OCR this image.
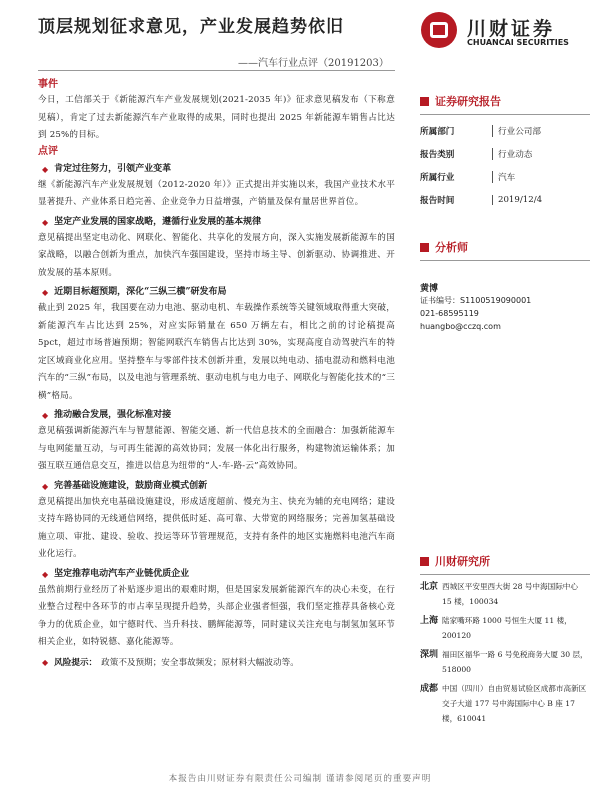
顶层规划征求意见，产业发展趋势依旧
——汽车行业点评（20191203）
川财证券
CHUANCAI SECURITIES
事件
今日，工信部关于《新能源汽车产业发展规划(2021-2035 年)》征求意见稿发布（下称意见稿），肯定了过去新能源汽车产业取得的成果，同时也提出 2025 年新能源车销售占比达到 25%的目标。
点评
◆ 肯定过往努力，引领产业变革
继《新能源汽车产业发展规划（2012-2020 年）》正式提出并实施以来，我国产业技术水平显著提升、产业体系日趋完善、企业竞争力日益增强，产销量及保有量居世界首位。
◆ 坚定产业发展的国家战略，遵循行业发展的基本规律
意见稿提出坚定电动化、网联化、智能化、共享化的发展方向，深入实施发展新能源车的国家战略，以融合创新为重点，加快汽车强国建设，坚持市场主导、创新驱动、协调推进、开放发展的基本原则。
◆ 近期目标超预期，深化“三纵三横”研发布局
截止到 2025 年，我国要在动力电池、驱动电机、车载操作系统等关键领域取得重大突破，新能源汽车占比达到 25%，对应实际销量在 650 万辆左右，相比之前的讨论稿提高 5pct，超过市场普遍预期；智能网联汽车销售占比达到 30%，实现高度自动驾驶汽车的特定区域商业化应用。坚持整车与零部件技术创新并重，发展以纯电动、插电混动和燃料电池汽车的“三纵”布局，以及电池与管理系统、驱动电机与电力电子、网联化与智能化技术的“三横”格局。
◆ 推动融合发展，强化标准对接
意见稿强调新能源汽车与智慧能源、智能交通、新一代信息技术的全面融合：加强新能源车与电网能量互动，与可再生能源的高效协同；发展一体化出行服务，构建物流运输体系；加强互联互通信息交互，推进以信息为纽带的“人-车-路-云”高效协同。
◆ 完善基础设施建设，鼓励商业模式创新
意见稿提出加快充电基础设施建设，形成适度超前、慢充为主、快充为辅的充电网络；建设支持车路协同的无线通信网络，提供低时延、高可靠、大带宽的网络服务；完善加氢基础设施立项、审批、建设、验收、投运等环节管理规范，支持有条件的地区实施燃料电池汽车商业化运行。
◆ 坚定推荐电动汽车产业链优质企业
虽然前期行业经历了补贴逐步退出的艰难时期，但是国家发展新能源汽车的决心未变，在行业整合过程中各环节的市占率呈现提升趋势，头部企业强者恒强，我们坚定推荐具备核心竞争力的优质企业，如宁德时代、当升科技、鹏辉能源等，同时建议关注充电与制氢加氢环节相关企业，如特锐德、嘉化能源等。
◆ 风险提示： 政策不及预期；安全事故频发；原材料大幅波动等。
证券研究报告
所属部门	行业公司部
报告类别	行业动态
所属行业	汽车
报告时间	2019/12/4
分析师
黄博
证书编号：S1100519090001
021-68595119
huangbo@cczq.com
川财研究所
北京 西城区平安里西大街 28 号中海国际中心 15 楼，100034
上海 陆家嘴环路 1000 号恒生大厦 11 楼，200120
深圳 福田区福华一路 6 号免税商务大厦 30 层，518000
成都 中国（四川）自由贸易试验区成都市高新区交子大道 177 号中海国际中心 B 座 17 楼，610041
本报告由川财证券有限责任公司编制 谨请参阅尾页的重要声明
